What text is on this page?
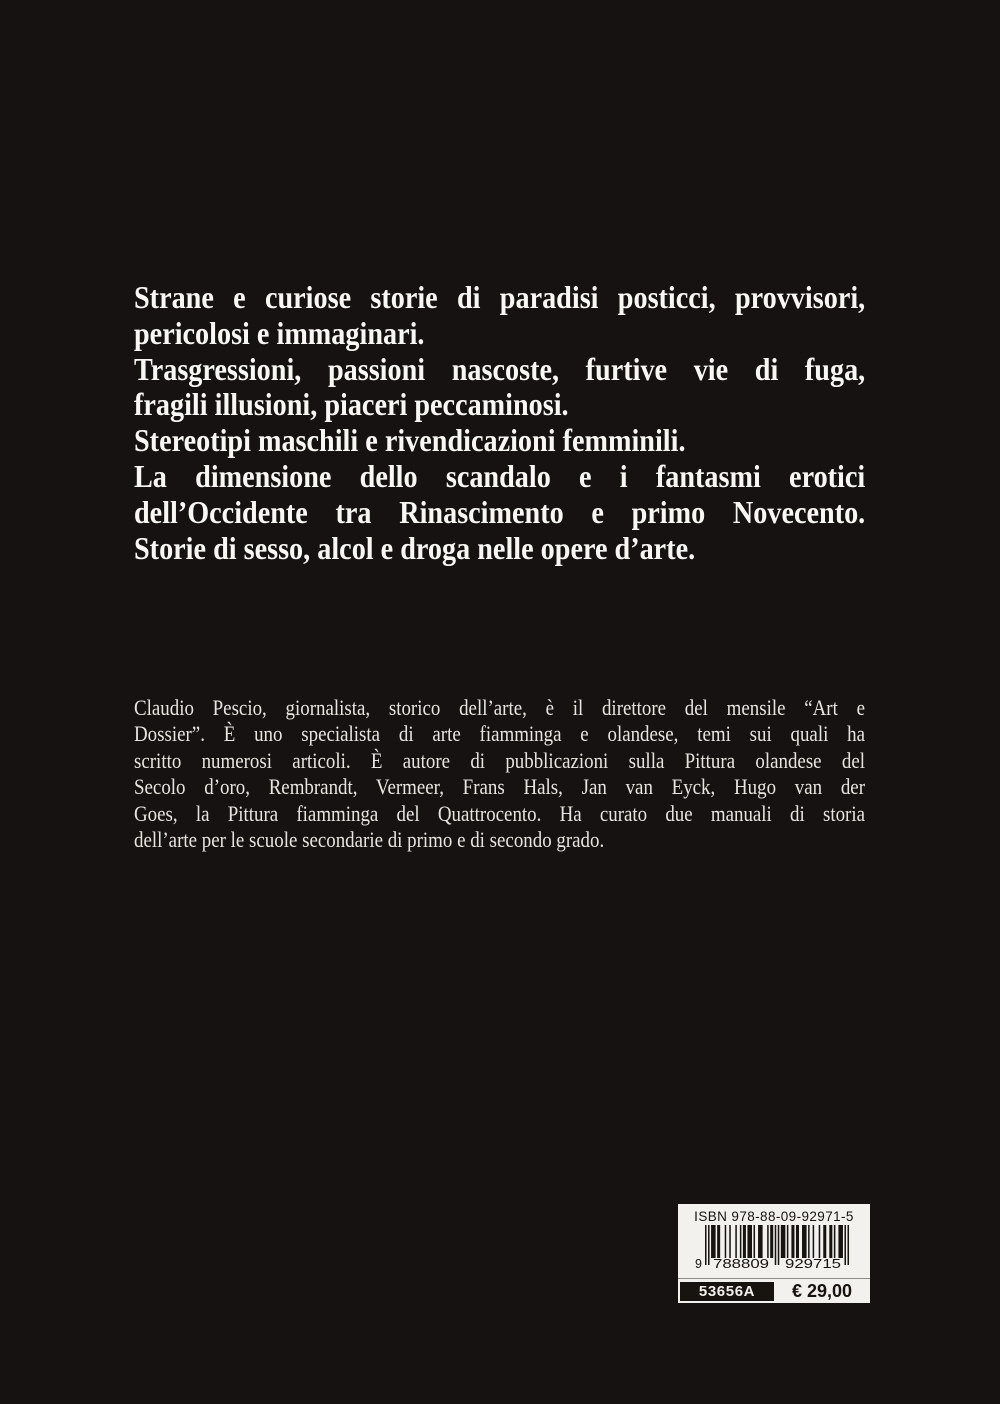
Strane e curiose storie di paradisi posticci, provvisori,
pericolosi e immaginari.
Trasgressioni, passioni nascoste, furtive vie di fuga,
fragili illusioni, piaceri peccaminosi.
Stereotipi maschili e rivendicazioni femminili.
La dimensione dello scandalo e i fantasmi erotici
dell’Occidente tra Rinascimento e primo Novecento.
Storie di sesso, alcol e droga nelle opere d’arte.
Claudio Pescio, giornalista, storico dell’arte, è il direttore del mensile “Art e
Dossier”. È uno specialista di arte fiamminga e olandese, temi sui quali ha
scritto numerosi articoli. È autore di pubblicazioni sulla Pittura olandese del
Secolo d’oro, Rembrandt, Vermeer, Frans Hals, Jan van Eyck, Hugo van der
Goes, la Pittura fiamminga del Quattrocento. Ha curato due manuali di storia
dell’arte per le scuole secondarie di primo e di secondo grado.
ISBN 978-88-09-92971-5
9 788809 929715
53656A	€ 29,00
